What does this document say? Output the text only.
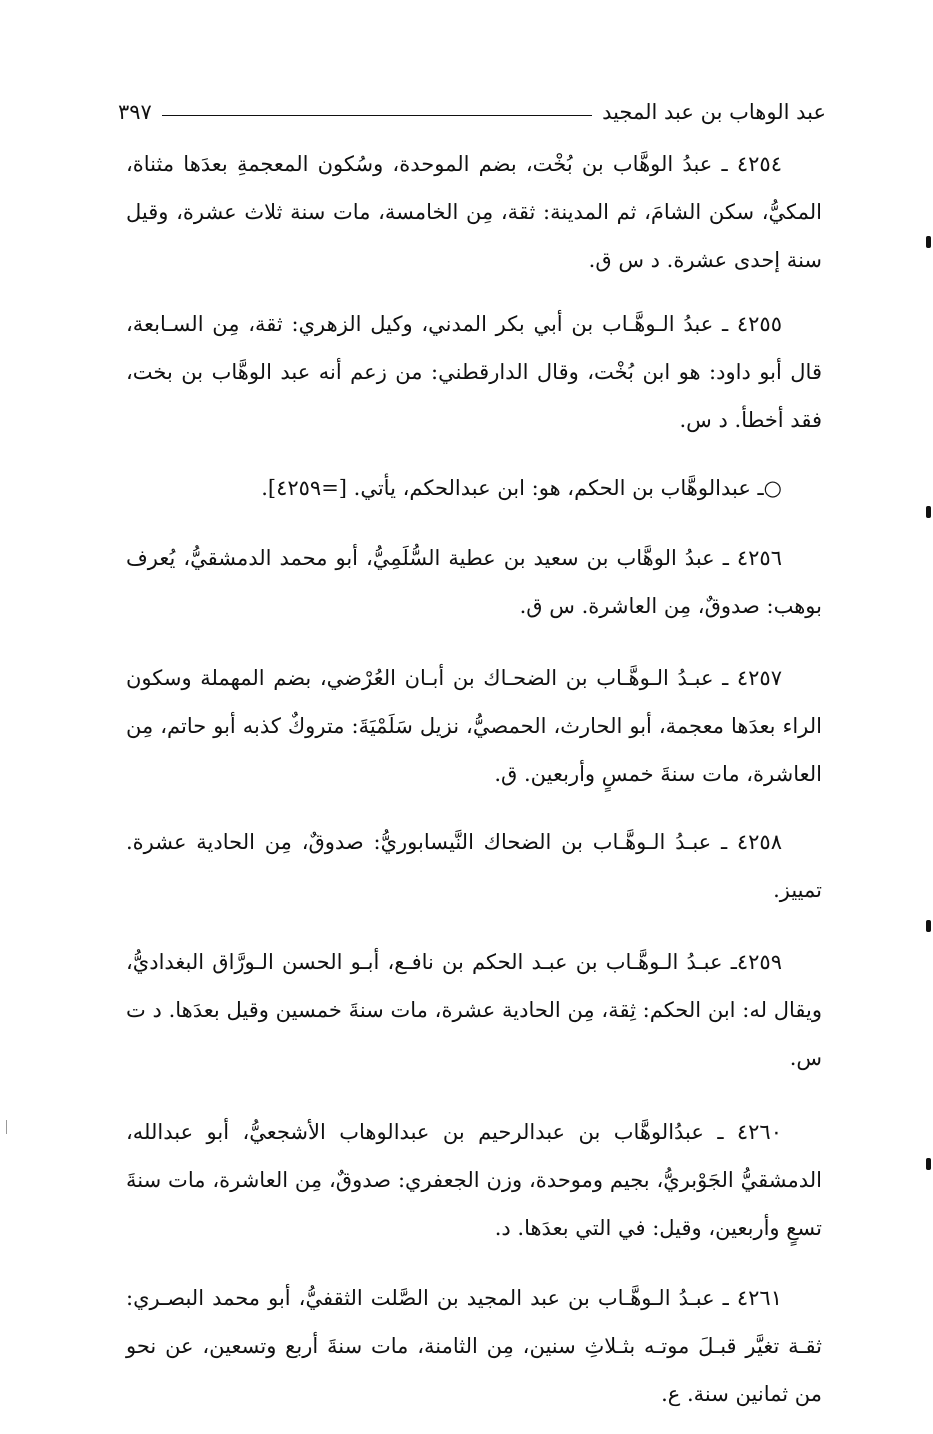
عبد الوهاب بن عبد المجيد
٣٩٧

٤٢٥٤ ـ عبدُ الوهَّاب بن بُخْت، بضم الموحدة، وسُكون المعجمةِ بعدَها مثناة، المكيُّ، سكن الشامَ، ثم المدينة: ثقة، مِن الخامسة، مات سنة ثلاث عشرة، وقيل سنة إحدى عشرة. د س ق.

٤٢٥٥ ـ عبدُ الـوهَّـاب بن أبي بكر المدني، وكيل الزهري: ثقة، مِن السـابعة، قال أبو داود: هو ابن بُخْت، وقال الدارقطني: من زعم أنه عبد الوهَّاب بن بخت، فقد أخطأ. د س.

○ـ عبدالوهَّاب بن الحكم، هو: ابن عبدالحكم، يأتي. [=٤٢٥٩].

٤٢٥٦ ـ عبدُ الوهَّاب بن سعيد بن عطية السُّلَمِيُّ، أبو محمد الدمشقيُّ، يُعرف بوهب: صدوقٌ، مِن العاشرة. س ق.

٤٢٥٧ ـ عبـدُ الـوهَّـاب بن الضحـاك بن أبـان العُرْضي، بضم المهملة وسكون الراء بعدَها معجمة، أبو الحارث، الحمصيُّ، نزيل سَلَمْيَةَ: متروكٌ كذبه أبو حاتم، مِن العاشرة، مات سنةَ خمسٍ وأربعين. ق.

٤٢٥٨ ـ عبـدُ الـوهَّـاب بن الضحاك النَّيسابوريُّ: صدوقٌ، مِن الحادية عشرة. تمييز.

٤٢٥٩ـ عبـدُ الـوهَّـاب بن عبـد الحكم بن نافـع، أبـو الحسن الـورَّاق البغداديُّ، ويقال له: ابن الحكم: ثِقة، مِن الحادية عشرة، مات سنةَ خمسين وقيل بعدَها. د ت س.

٤٢٦٠ ـ عبدُالوهَّاب بن عبدالرحيم بن عبدالوهاب الأشجعيُّ، أبو عبدالله، الدمشقيُّ الجَوْبريُّ، بجيم وموحدة، وزن الجعفري: صدوقٌ، مِن العاشرة، مات سنةَ تسعٍ وأربعين، وقيل: في التي بعدَها. د.

٤٢٦١ ـ عبـدُ الـوهَّـاب بن عبد المجيد بن الصَّلت الثقفيُّ، أبو محمد البصـري: ثقـة تغيَّر قبـلَ موتـه بثـلاثِ سنين، مِن الثامنة، مات سنةَ أربع وتسعين، عن نحو من ثمانين سنة. ع.
